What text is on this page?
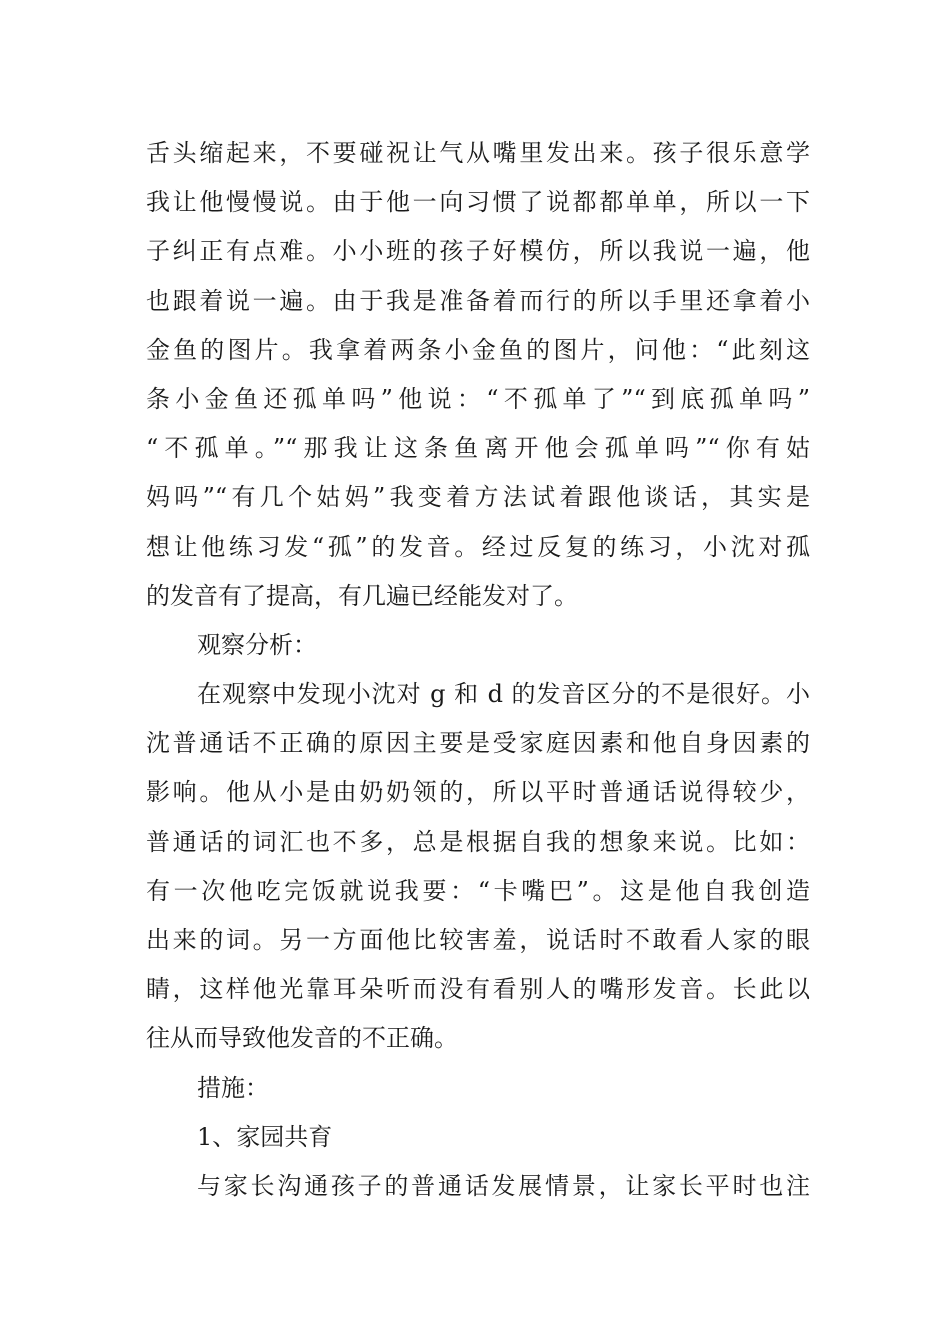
舌头缩起来，不要碰祝让气从嘴里发出来。孩子很乐意学
我让他慢慢说。由于他一向习惯了说都都单单，所以一下
子纠正有点难。小小班的孩子好模仿，所以我说一遍，他
也跟着说一遍。由于我是准备着而行的所以手里还拿着小
金鱼的图片。我拿着两条小金鱼的图片，问他：“此刻这
条小金鱼还孤单吗”他说：“不孤单了”“到底孤单吗”
“不孤单。”“那我让这条鱼离开他会孤单吗”“你有姑
妈吗”“有几个姑妈”我变着方法试着跟他谈话，其实是
想让他练习发“孤”的发音。经过反复的练习，小沈对孤
的发音有了提高，有几遍已经能发对了。
观察分析：
在观察中发现小沈对 g 和 d 的发音区分的不是很好。小
沈普通话不正确的原因主要是受家庭因素和他自身因素的
影响。他从小是由奶奶领的，所以平时普通话说得较少，
普通话的词汇也不多，总是根据自我的想象来说。比如：
有一次他吃完饭就说我要：“卡嘴巴”。这是他自我创造
出来的词。另一方面他比较害羞，说话时不敢看人家的眼
睛，这样他光靠耳朵听而没有看别人的嘴形发音。长此以
往从而导致他发音的不正确。
措施：
1、家园共育
与家长沟通孩子的普通话发展情景，让家长平时也注
